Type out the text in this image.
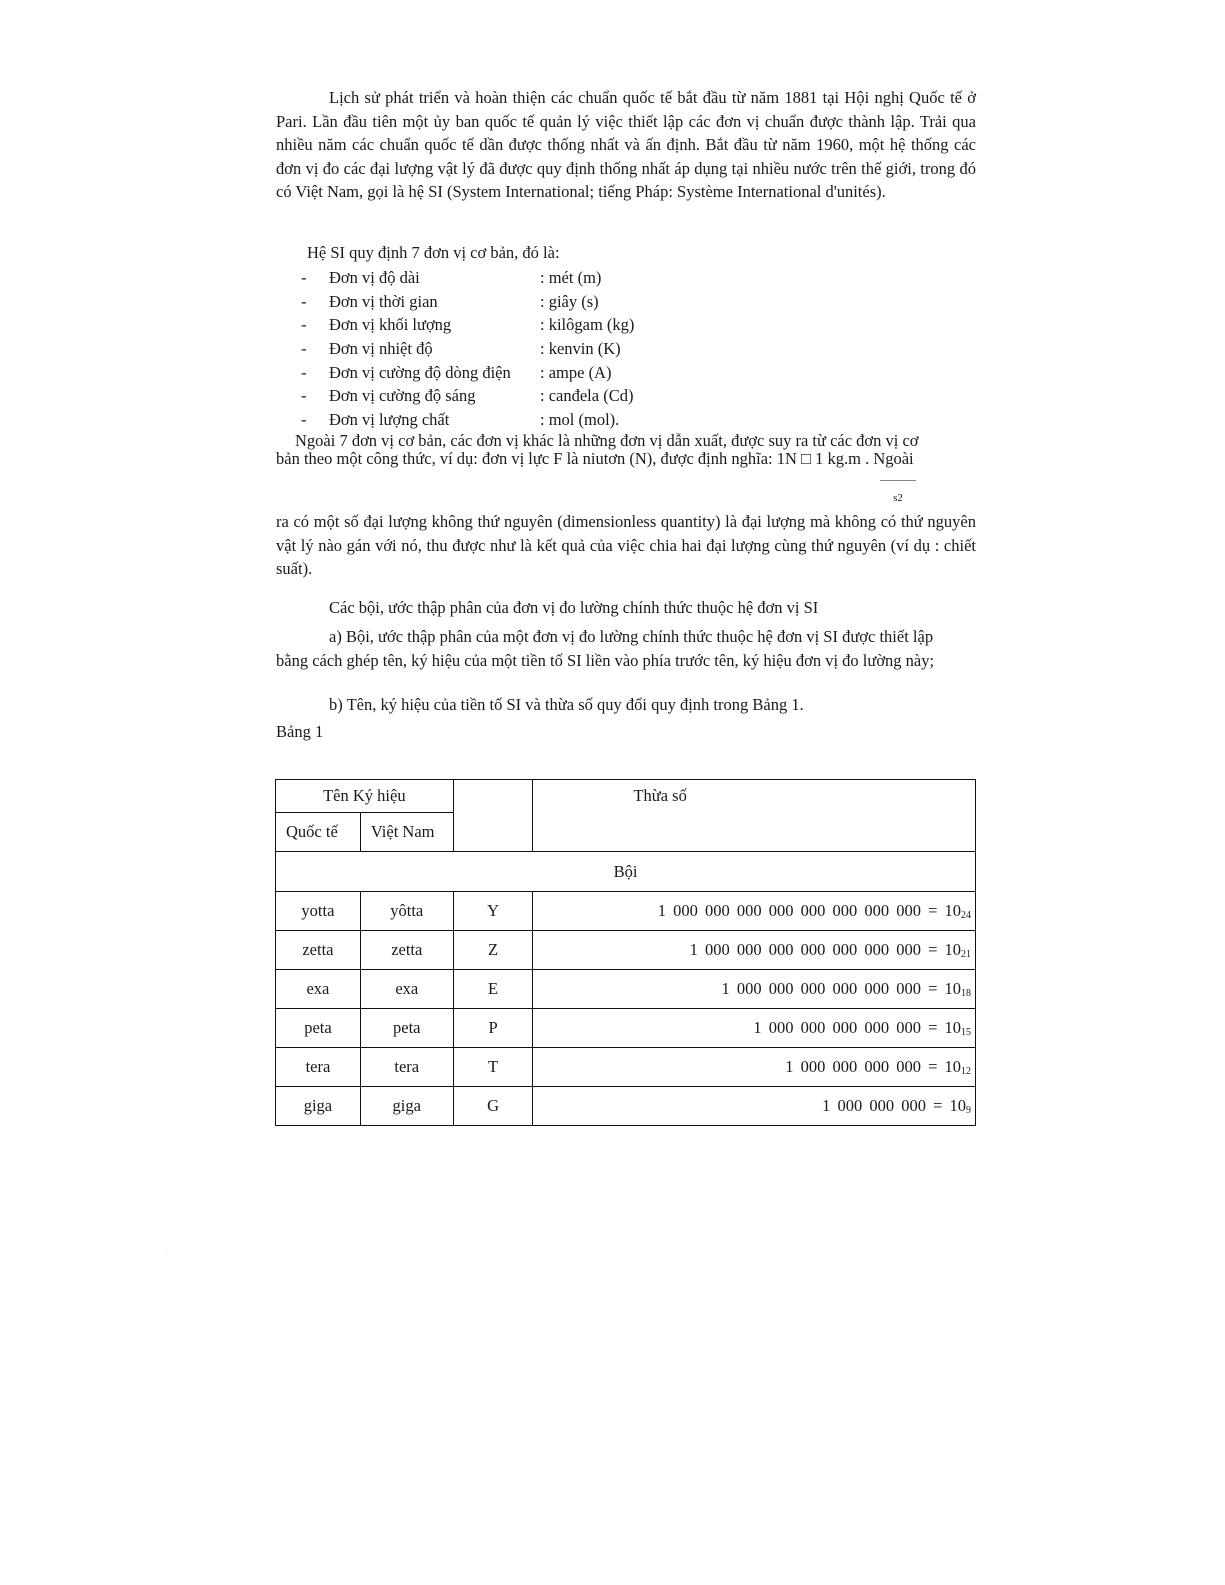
Lịch sử phát triển và hoàn thiện các chuẩn quốc tế bắt đầu từ năm 1881 tại Hội nghị Quốc tế ở Pari. Lần đầu tiên một ủy ban quốc tế quản lý việc thiết lập các đơn vị chuẩn được thành lập. Trải qua nhiều năm các chuẩn quốc tế dần được thống nhất và ấn định. Bắt đầu từ năm 1960, một hệ thống các đơn vị đo các đại lượng vật lý đã được quy định thống nhất áp dụng tại nhiều nước trên thế giới, trong đó có Việt Nam, gọi là hệ SI (System International; tiếng Pháp: Système International d'unités).

Hệ SI quy định 7 đơn vị cơ bản, đó là:
- Đơn vị độ dài	: mét (m)
- Đơn vị thời gian	: giây (s)
- Đơn vị khối lượng	: kilôgam (kg)
- Đơn vị nhiệt độ	: kenvin (K)
- Đơn vị cường độ dòng điện : ampe (A)
- Đơn vị cường độ sáng	: canđela (Cd)
- Đơn vị lượng chất	: mol (mol).
Ngoài 7 đơn vị cơ bản, các đơn vị khác là những đơn vị dẫn xuất, được suy ra từ các đơn vị cơ
bản theo một công thức, ví dụ: đơn vị lực F là niutơn (N), được định nghĩa: 1N □ 1 kg.m . Ngoài
s2

ra có một số đại lượng không thứ nguyên (dimensionless quantity) là đại lượng mà không có thứ nguyên vật lý nào gán với nó, thu được như là kết quả của việc chia hai đại lượng cùng thứ nguyên (ví dụ : chiết suất).

Các bội, ước thập phân của đơn vị đo lường chính thức thuộc hệ đơn vị SI

a) Bội, ước thập phân của một đơn vị đo lường chính thức thuộc hệ đơn vị SI được thiết lập bằng cách ghép tên, ký hiệu của một tiền tố SI liền vào phía trước tên, ký hiệu đơn vị đo lường này;

b) Tên, ký hiệu của tiền tố SI và thừa số quy đổi quy định trong Bảng 1.

Bảng 1
Tên Ký hiệu			Thừa số
Quốc tế	Việt Nam		
Bội			
yotta	yôtta	Y	1 000 000 000 000 000 000 000 $000 = 10^{24}$
zetta	zetta	Z	1 000 000 000 000 000 000 $000 = 10^{21}$
exa	exa	E	1 000 000 000 000 000 $000 = 10^{18}$
peta	peta	P	1 000 000 000 000 $000 = 10^{15}$
tera	tera	T	1 000 000 000 $000 = 10^{12}$
giga	giga	G	1 000 000 $000 = 10^9$
